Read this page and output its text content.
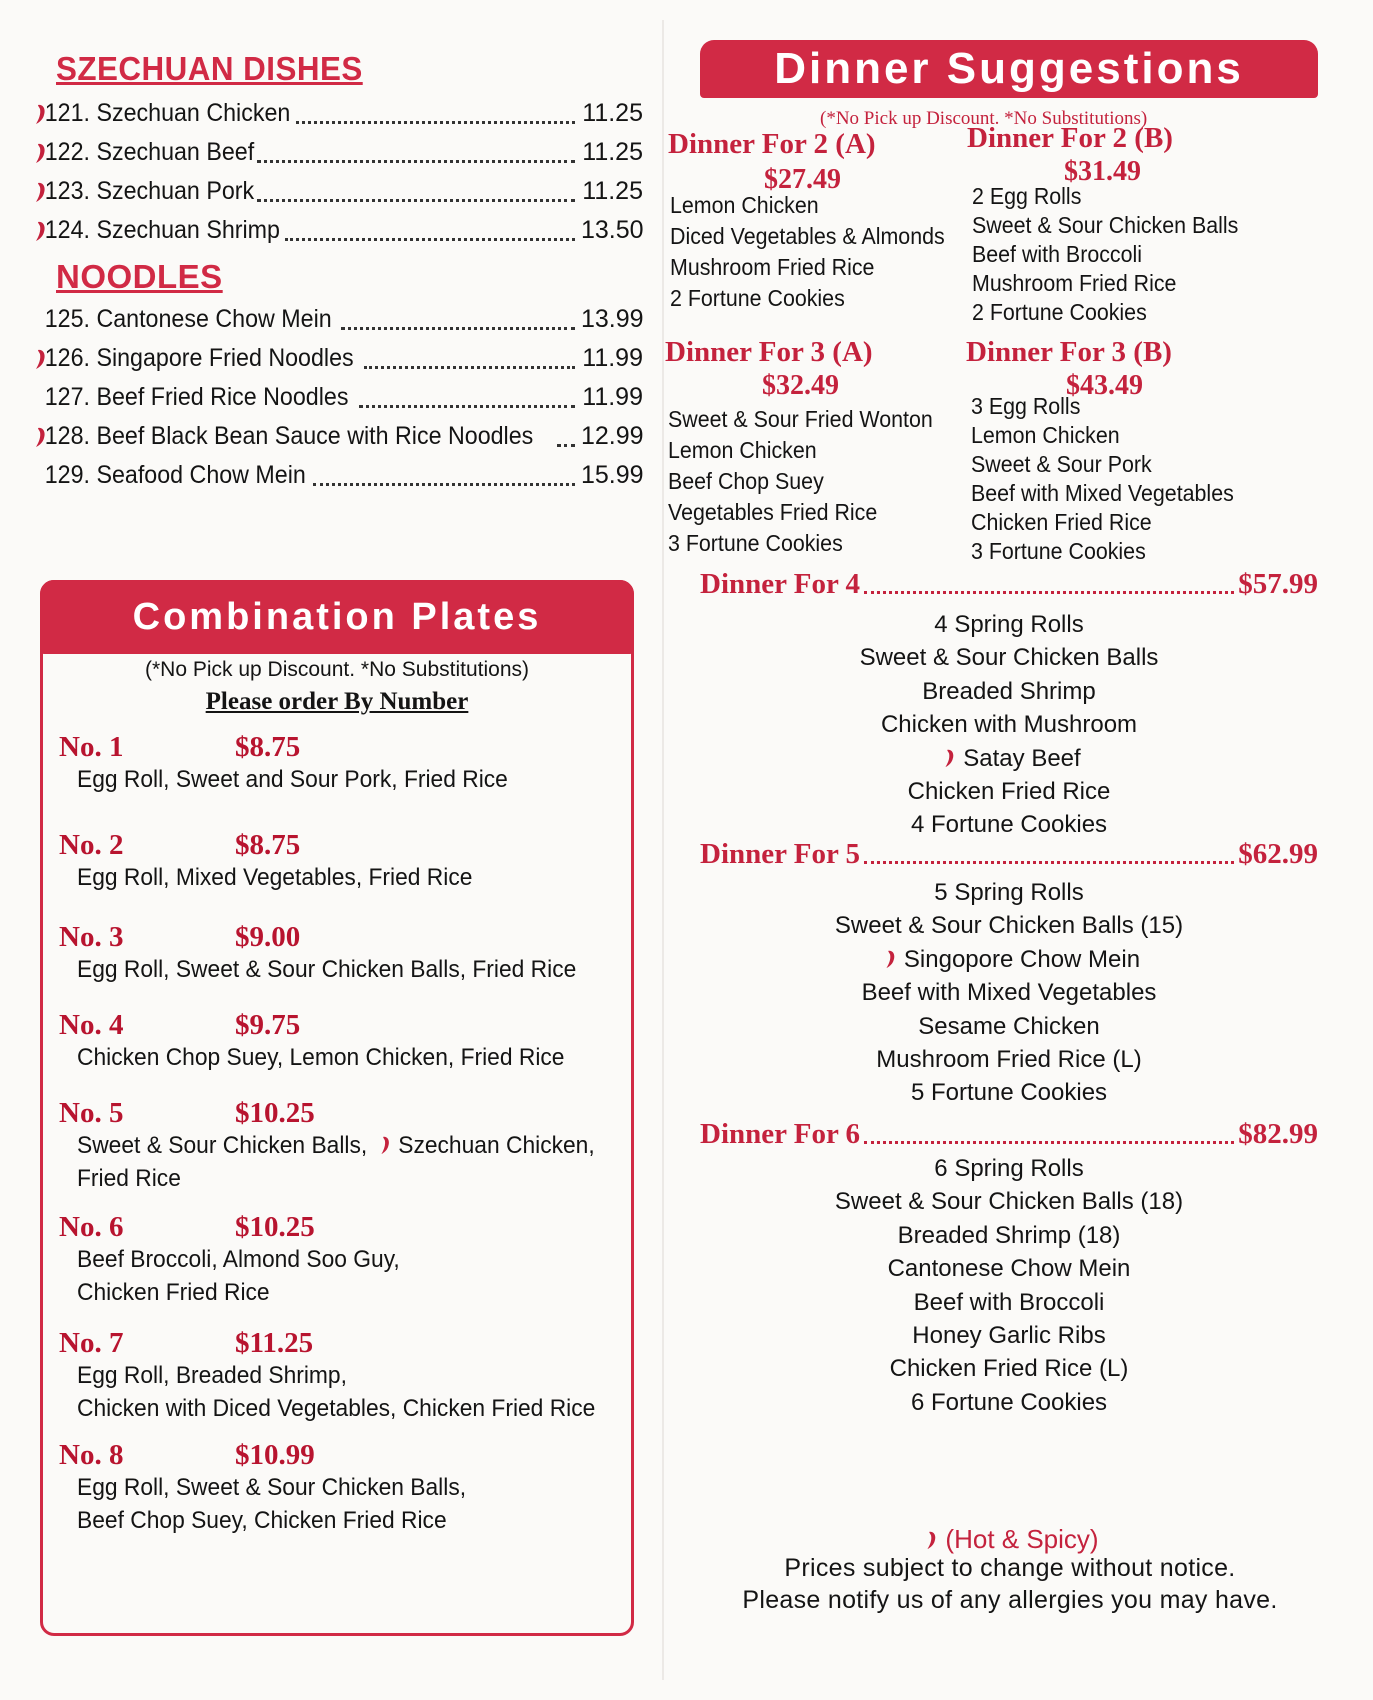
SZECHUAN DISHES
121. Szechuan Chicken	11.25
122. Szechuan Beef	11.25
123. Szechuan Pork	11.25
124. Szechuan Shrimp	13.50
NOODLES
125. Cantonese Chow Mein	13.99
126. Singapore Fried Noodles	11.99
127. Beef Fried Rice Noodles	11.99
128. Beef Black Bean Sauce with Rice Noodles 12.99
129. Seafood Chow Mein	15.99
Combination Plates
(*No Pick up Discount. *No Substitutions)
Please order By Number
No. 1	$8.75
Egg Roll, Sweet and Sour Pork, Fried Rice
No. 2	$8.75
Egg Roll, Mixed Vegetables, Fried Rice
No. 3	$9.00
Egg Roll, Sweet & Sour Chicken Balls, Fried Rice
No. 4	$9.75
Chicken Chop Suey, Lemon Chicken, Fried Rice
No. 5	$10.25
Sweet & Sour Chicken Balls, Szechuan Chicken,
Fried Rice
No. 6	$10.25
Beef Broccoli, Almond Soo Guy,
Chicken Fried Rice
No. 7	$11.25
Egg Roll, Breaded Shrimp,
Chicken with Diced Vegetables, Chicken Fried Rice
No. 8	$10.99
Egg Roll, Sweet & Sour Chicken Balls,
Beef Chop Suey, Chicken Fried Rice
Dinner Suggestions
(*No Pick up Discount. *No Substitutions)
Dinner For 2 (A)
$27.49
Lemon Chicken
Diced Vegetables & Almonds
Mushroom Fried Rice
2 Fortune Cookies
Dinner For 2 (B)
$31.49
2 Egg Rolls
Sweet & Sour Chicken Balls
Beef with Broccoli
Mushroom Fried Rice
2 Fortune Cookies
Dinner For 3 (A)
$32.49
Sweet & Sour Fried Wonton
Lemon Chicken
Beef Chop Suey
Vegetables Fried Rice
3 Fortune Cookies
Dinner For 3 (B)
$43.49
3 Egg Rolls
Lemon Chicken
Sweet & Sour Pork
Beef with Mixed Vegetables
Chicken Fried Rice
3 Fortune Cookies
Dinner For 4	$57.99
4 Spring Rolls
Sweet & Sour Chicken Balls
Breaded Shrimp
Chicken with Mushroom
Satay Beef
Chicken Fried Rice
4 Fortune Cookies
Dinner For 5	$62.99
5 Spring Rolls
Sweet & Sour Chicken Balls (15)
Singopore Chow Mein
Beef with Mixed Vegetables
Sesame Chicken
Mushroom Fried Rice (L)
5 Fortune Cookies
Dinner For 6	$82.99
6 Spring Rolls
Sweet & Sour Chicken Balls (18)
Breaded Shrimp (18)
Cantonese Chow Mein
Beef with Broccoli
Honey Garlic Ribs
Chicken Fried Rice (L)
6 Fortune Cookies
(Hot & Spicy)
Prices subject to change without notice.
Please notify us of any allergies you may have.
